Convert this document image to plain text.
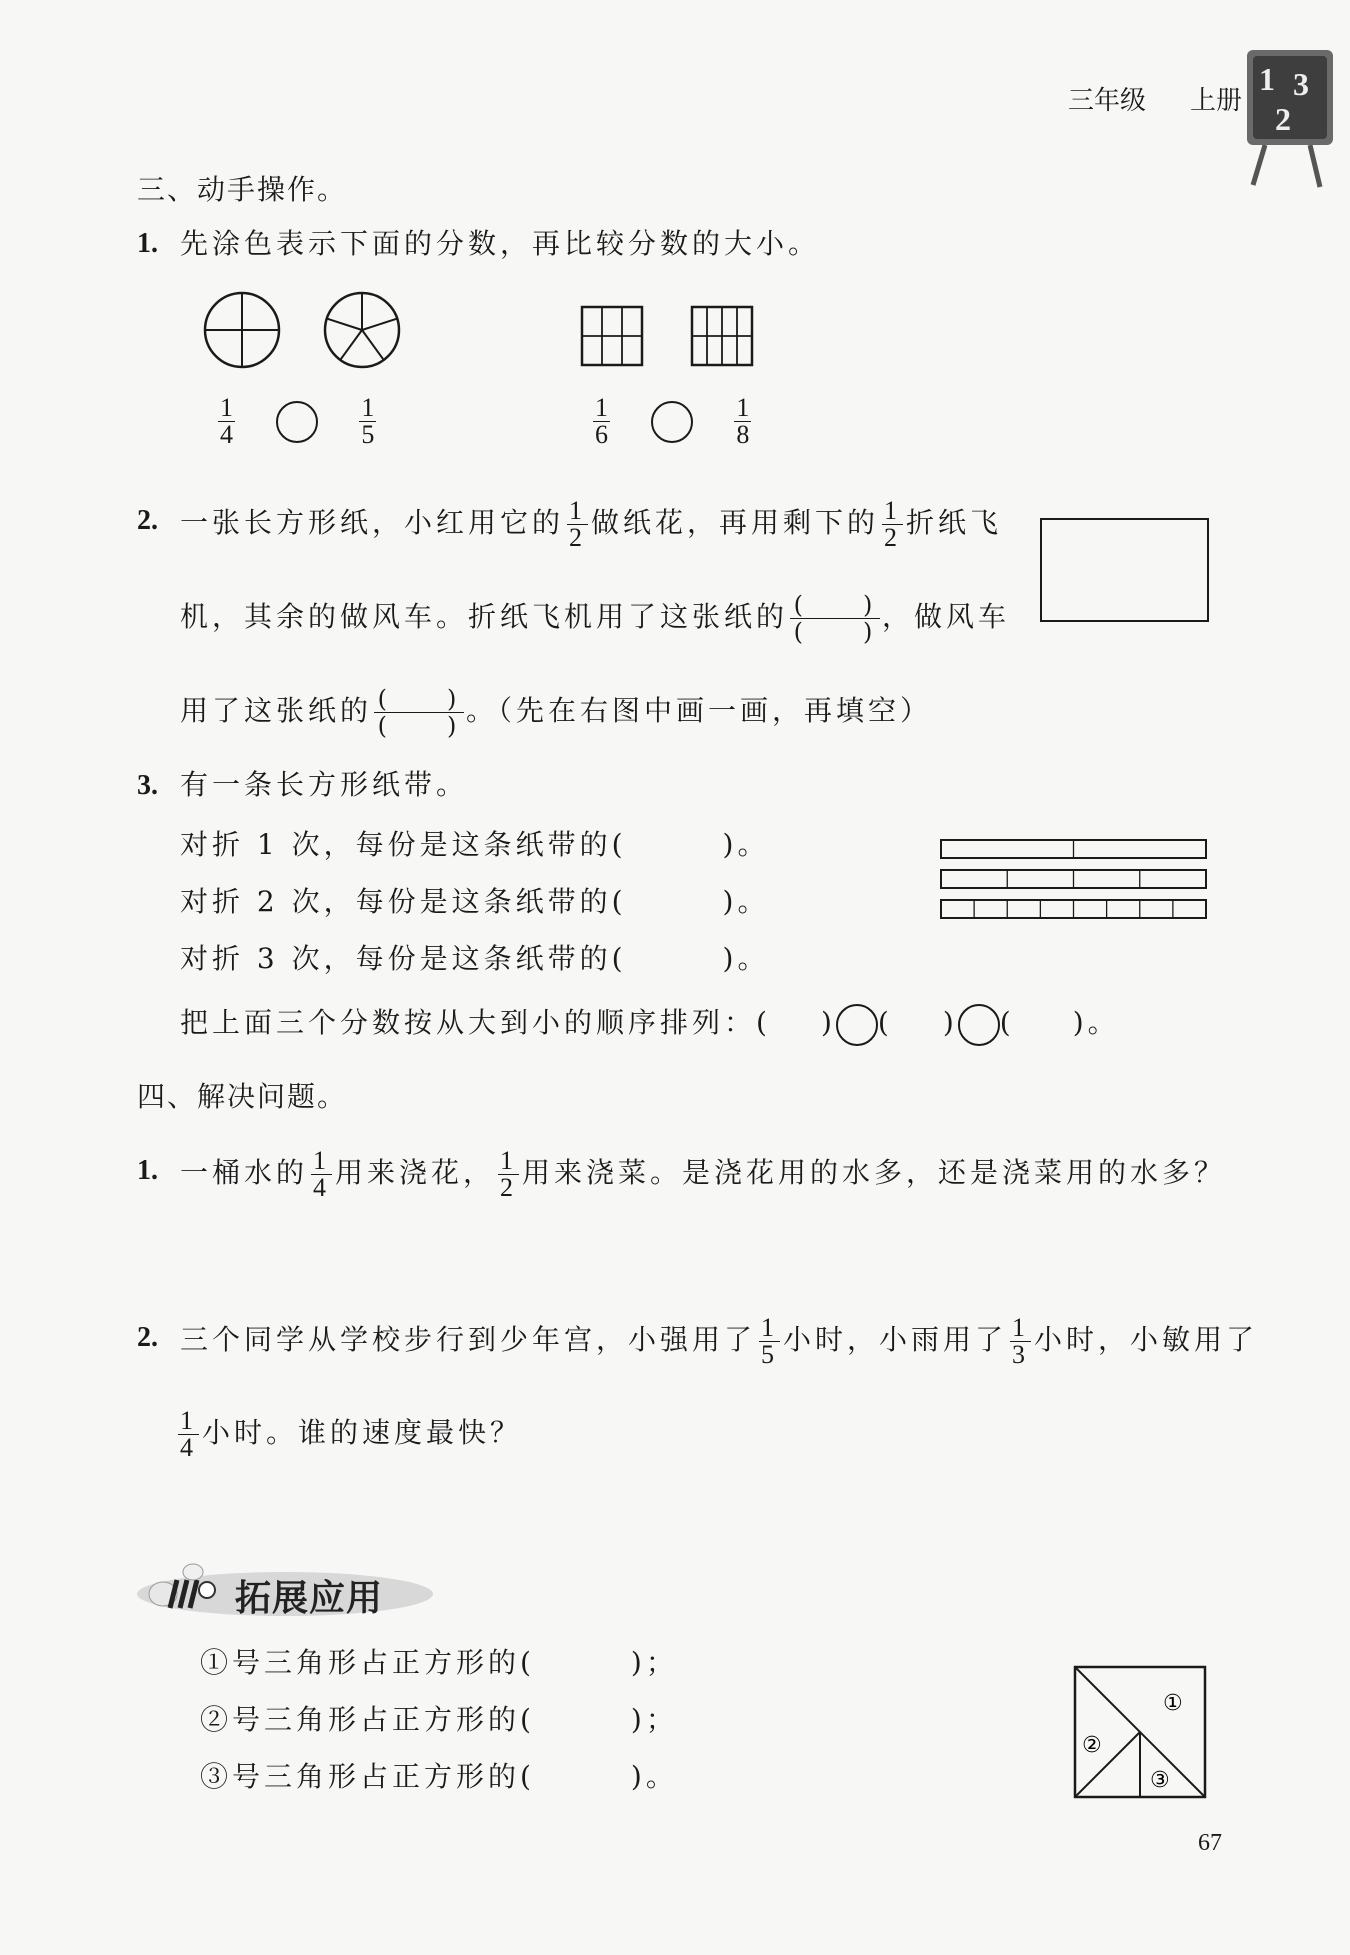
三年级 上册
1 3
2
三、动手操作。
1. 先涂色表示下面的分数，再比较分数的大小。
$\frac{1}{4}$
	$\frac{1}{5}$	$\frac{1}{6}$
	$\frac{1}{8}$
2. 一张长方形纸，小红用它的 $\frac{1}{2}$ 做纸花，再用剩下的 $\frac{1}{2}$ 折纸飞
机，其余的做风车。折纸飞机用了这张纸的 (　　)
(　　) ，做风车
用了这张纸的 (　　)
(　　) 。（先在右图中画一画，再填空）
3. 有一条长方形纸带。
对折 1 次，每份是这条纸带的(　　　)。
对折 2 次，每份是这条纸带的(　　　)。
对折 3 次，每份是这条纸带的(　　　)。
把上面三个分数按从大到小的顺序排列：( ) ( ) ( )。
四、解决问题。
1. 一桶水的 $\frac{1}{4}$ 用来浇花， $\frac{1}{2}$ 用来浇菜。是浇花用的水多，还是浇菜用的水多？
2. 三个同学从学校步行到少年宫，小强用了 $\frac{1}{5}$ 小时，小雨用了 $\frac{1}{3}$ 小时，小敏用了
$\frac{1}{4}$ 小时。谁的速度最快？
拓展应用
①号三角形占正方形的(　　　)；
②号三角形占正方形的(　　　)；
③号三角形占正方形的(　　　)。
①
②
③
67
